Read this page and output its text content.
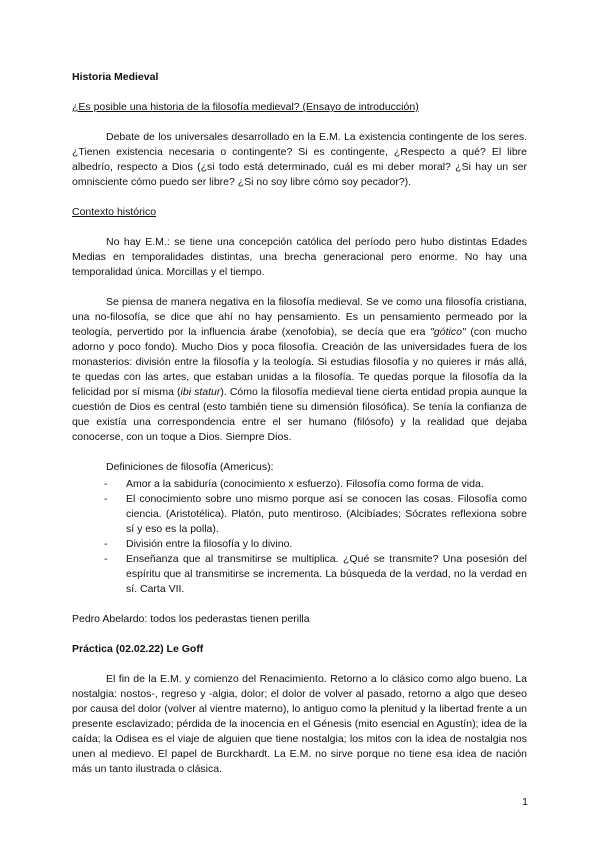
Historia Medieval
¿Es posible una historia de la filosofía medieval? (Ensayo de introducción)

Debate de los universales desarrollado en la E.M. La existencia contingente de los seres. ¿Tienen existencia necesaria o contingente? Si es contingente, ¿Respecto a qué? El libre albedrío, respecto a Dios (¿si todo está determinado, cuál es mi deber moral? ¿Si hay un ser omnisciente cómo puedo ser libre? ¿Si no soy libre cómo soy pecador?).

Contexto histórico

No hay E.M.: se tiene una concepción católica del período pero hubo distintas Edades Medias en temporalidades distintas, una brecha generacional pero enorme. No hay una temporalidad única. Morcillas y el tiempo.

Se piensa de manera negativa en la filosofía medieval. Se ve como una filosofía cristiana, una no-filosofía, se dice que ahí no hay pensamiento. Es un pensamiento permeado por la teología, pervertido por la influencia árabe (xenofobia), se decía que era "gótico" (con mucho adorno y poco fondo). Mucho Dios y poca filosofía. Creación de las universidades fuera de los monasterios: división entre la filosofía y la teología. Si estudias filosofía y no quieres ir más allá, te quedas con las artes, que estaban unidas a la filosofía. Te quedas porque la filosofía da la felicidad por sí misma (ibi statur). Cómo la filosofía medieval tiene cierta entidad propia aunque la cuestión de Dios es central (esto también tiene su dimensión filosófica). Se tenía la confianza de que existía una correspondencia entre el ser humano (filósofo) y la realidad que dejaba conocerse, con un toque a Dios. Siempre Dios.

Definiciones de filosofía (Americus):
- Amor a la sabiduría (conocimiento x esfuerzo). Filosofía como forma de vida.
- El conocimiento sobre uno mismo porque así se conocen las cosas. Filosofía como ciencia. (Aristotélica). Platón, puto mentiroso. (Alcibíades; Sócrates reflexiona sobre sí y eso es la polla).
- División entre la filosofía y lo divino.
- Enseñanza que al transmitirse se multiplica. ¿Qué se transmite? Una posesión del espíritu que al transmitirse se incrementa. La búsqueda de la verdad, no la verdad en sí. Carta VII.

Pedro Abelardo: todos los pederastas tienen perilla

Práctica (02.02.22) Le Goff

El fin de la E.M. y comienzo del Renacimiento. Retorno a lo clásico como algo bueno. La nostalgia: nostos-, regreso y -algia, dolor; el dolor de volver al pasado, retorno a algo que deseo por causa del dolor (volver al vientre materno), lo antiguo como la plenitud y la libertad frente a un presente esclavizado; pérdida de la inocencia en el Génesis (mito esencial en Agustín); idea de la caída; la Odisea es el viaje de alguien que tiene nostalgia; los mitos con la idea de nostalgia nos unen al medievo. El papel de Burckhardt. La E.M. no sirve porque no tiene esa idea de nación más un tanto ilustrada o clásica.

1
